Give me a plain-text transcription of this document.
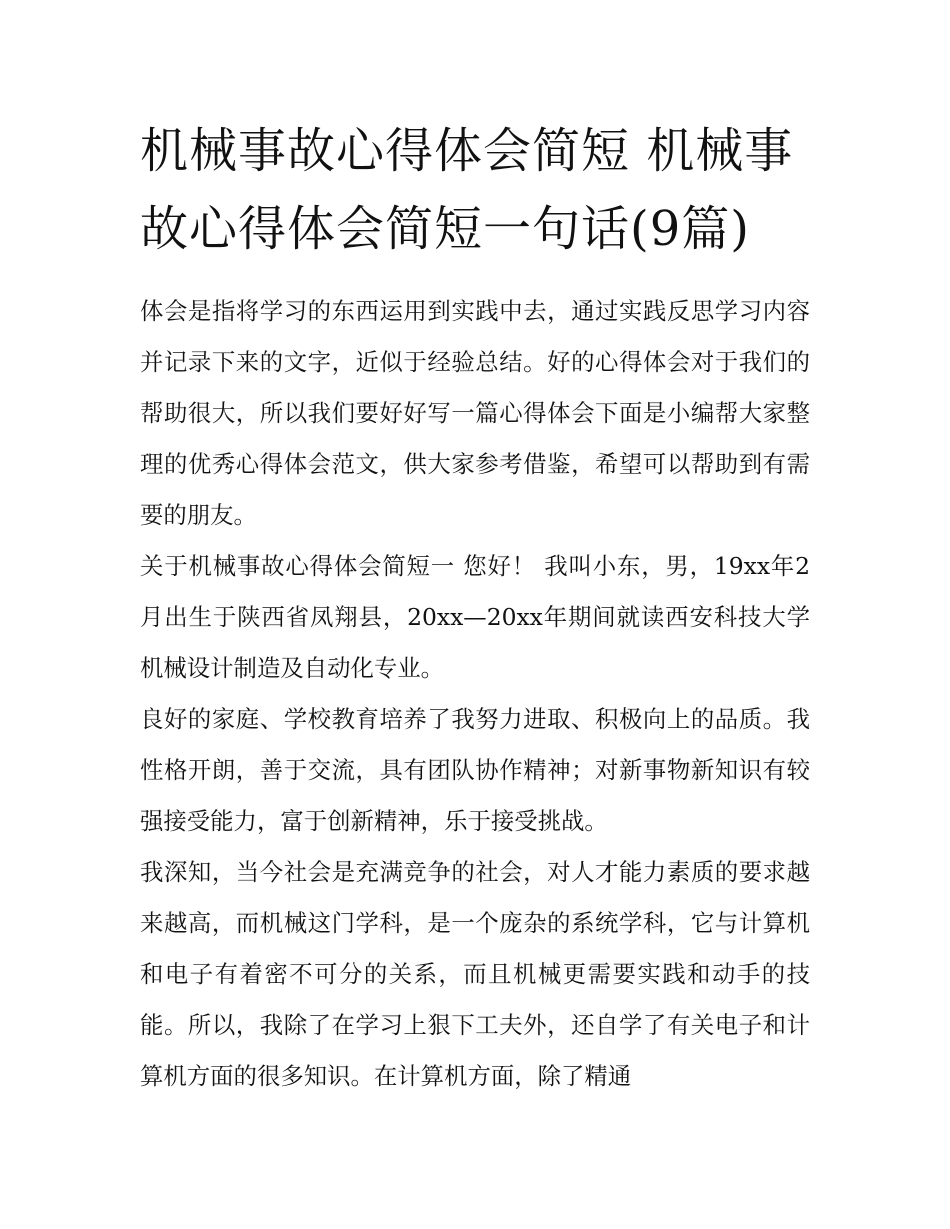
机械事故心得体会简短 机械事故心得体会简短一句话(9篇)

体会是指将学习的东西运用到实践中去，通过实践反思学习内容并记录下来的文字，近似于经验总结。好的心得体会对于我们的帮助很大，所以我们要好好写一篇心得体会下面是小编帮大家整理的优秀心得体会范文，供大家参考借鉴，希望可以帮助到有需要的朋友。

关于机械事故心得体会简短一 您好！ 我叫小东，男，19xx年2月出生于陕西省凤翔县，20xx—20xx年期间就读西安科技大学机械设计制造及自动化专业。

良好的家庭、学校教育培养了我努力进取、积极向上的品质。我性格开朗，善于交流，具有团队协作精神；对新事物新知识有较强接受能力，富于创新精神，乐于接受挑战。

我深知，当今社会是充满竞争的社会，对人才能力素质的要求越来越高，而机械这门学科，是一个庞杂的系统学科，它与计算机和电子有着密不可分的关系，而且机械更需要实践和动手的技能。所以，我除了在学习上狠下工夫外，还自学了有关电子和计算机方面的很多知识。在计算机方面，除了精通
